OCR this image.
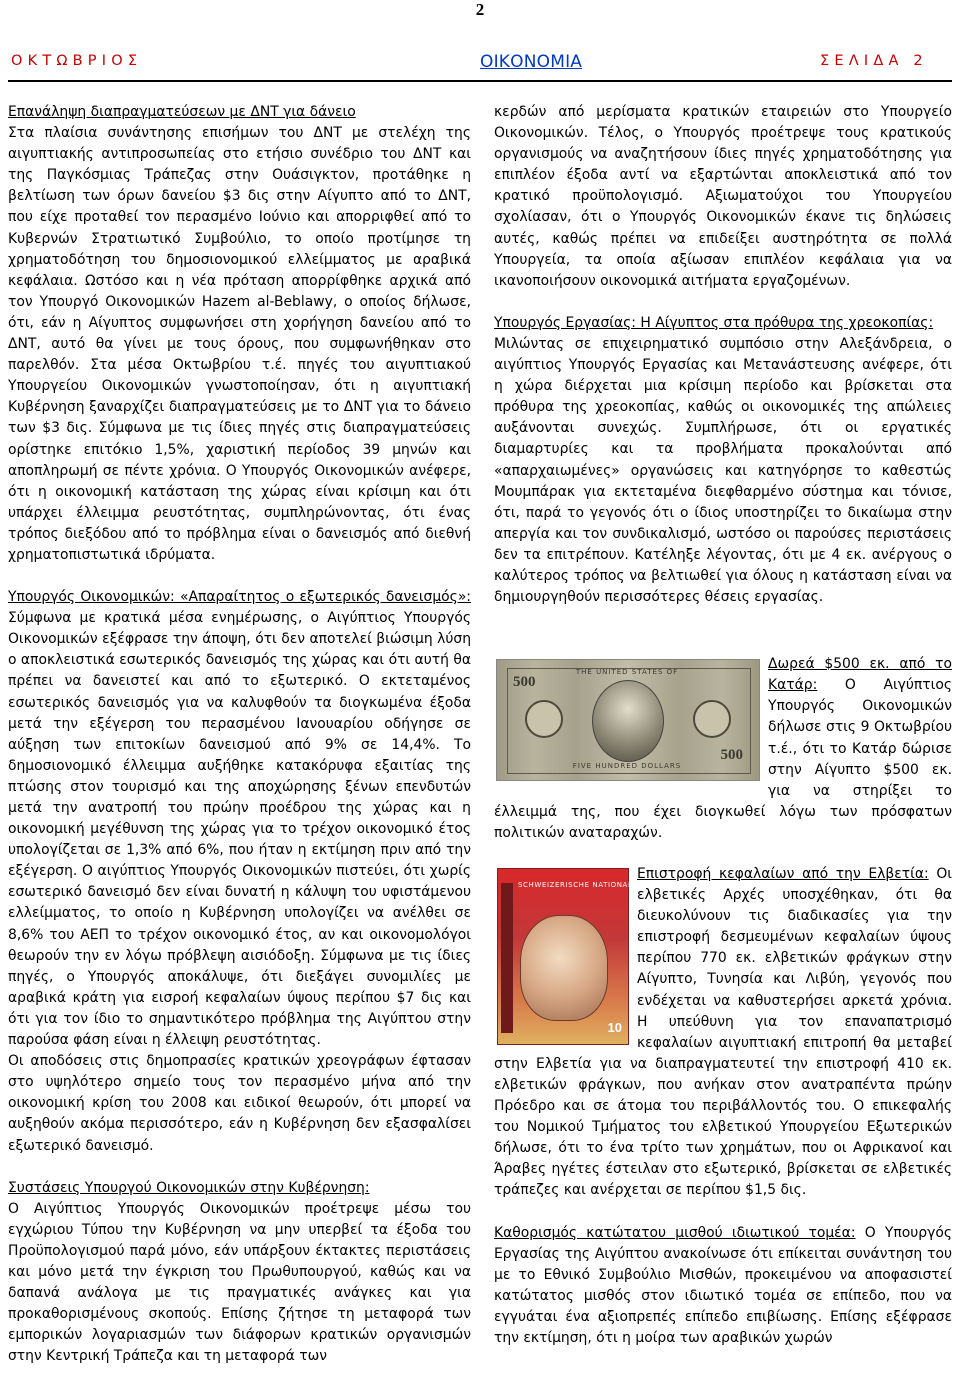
2
ΟΚΤΩΒΡΙΟΣ	ΟΙΚΟΝΟΜΙΑ	ΣΕΛΙΔΑ 2

Επανάληψη διαπραγματεύσεων με ΔΝΤ για δάνειο
Στα πλαίσια συνάντησης επισήμων του ΔΝΤ με στελέχη της αιγυπτιακής αντιπροσωπείας στο ετήσιο συνέδριο του ΔΝΤ και της Παγκόσμιας Τράπεζας στην Ουάσιγκτον, προτάθηκε η βελτίωση των όρων δανείου $3 δις στην Αίγυπτο από το ΔΝΤ, που είχε προταθεί τον περασμένο Ιούνιο και απορριφθεί από το Κυβερνών Στρατιωτικό Συμβούλιο, το οποίο προτίμησε τη χρηματοδότηση του δημοσιονομικού ελλείμματος με αραβικά κεφάλαια. Ωστόσο και η νέα πρόταση απορρίφθηκε αρχικά από τον Υπουργό Οικονομικών Hazem al-Beblawy, ο οποίος δήλωσε, ότι, εάν η Αίγυπτος συμφωνήσει στη χορήγηση δανείου από το ΔΝΤ, αυτό θα γίνει με τους όρους, που συμφωνήθηκαν στο παρελθόν. Στα μέσα Οκτωβρίου τ.έ. πηγές του αιγυπτιακού Υπουργείου Οικονομικών γνωστοποίησαν, ότι η αιγυπτιακή Κυβέρνηση ξαναρχίζει διαπραγματεύσεις με το ΔΝΤ για το δάνειο των $3 δις. Σύμφωνα με τις ίδιες πηγές στις διαπραγματεύσεις ορίστηκε επιτόκιο 1,5%, χαριστική περίοδος 39 μηνών και αποπληρωμή σε πέντε χρόνια. Ο Υπουργός Οικονομικών ανέφερε, ότι η οικονομική κατάσταση της χώρας είναι κρίσιμη και ότι υπάρχει έλλειμμα ρευστότητας, συμπληρώνοντας, ότι ένας τρόπος διεξόδου από το πρόβλημα είναι ο δανεισμός από διεθνή χρηματοπιστωτικά ιδρύματα.

Υπουργός Οικονομικών: «Απαραίτητος ο εξωτερικός δανεισμός»: Σύμφωνα με κρατικά μέσα ενημέρωσης, ο Αιγύπτιος Υπουργός Οικονομικών εξέφρασε την άποψη, ότι δεν αποτελεί βιώσιμη λύση ο αποκλειστικά εσωτερικός δανεισμός της χώρας και ότι αυτή θα πρέπει να δανειστεί και από το εξωτερικό. Ο εκτεταμένος εσωτερικός δανεισμός για να καλυφθούν τα διογκωμένα έξοδα μετά την εξέγερση του περασμένου Ιανουαρίου οδήγησε σε αύξηση των επιτοκίων δανεισμού από 9% σε 14,4%. Το δημοσιονομικό έλλειμμα αυξήθηκε κατακόρυφα εξαιτίας της πτώσης στον τουρισμό και της αποχώρησης ξένων επενδυτών μετά την ανατροπή του πρώην προέδρου της χώρας και η οικονομική μεγέθυνση της χώρας για το τρέχον οικονομικό έτος υπολογίζεται σε 1,3% από 6%, που ήταν η εκτίμηση πριν από την εξέγερση. Ο αιγύπτιος Υπουργός Οικονομικών πιστεύει, ότι χωρίς εσωτερικό δανεισμό δεν είναι δυνατή η κάλυψη του υφιστάμενου ελλείμματος, το οποίο η Κυβέρνηση υπολογίζει να ανέλθει σε 8,6% του ΑΕΠ το τρέχον οικονομικό έτος, αν και οικονομολόγοι θεωρούν την εν λόγω πρόβλεψη αισιόδοξη. Σύμφωνα με τις ίδιες πηγές, ο Υπουργός αποκάλυψε, ότι διεξάγει συνομιλίες με αραβικά κράτη για εισροή κεφαλαίων ύψους περίπου $7 δις και ότι για τον ίδιο το σημαντικότερο πρόβλημα της Αιγύπτου στην παρούσα φάση είναι η έλλειψη ρευστότητας.

Οι αποδόσεις στις δημοπρασίες κρατικών χρεογράφων έφτασαν στο υψηλότερο σημείο τους τον περασμένο μήνα από την οικονομική κρίση του 2008 και ειδικοί θεωρούν, ότι μπορεί να αυξηθούν ακόμα περισσότερο, εάν η Κυβέρνηση δεν εξασφαλίσει εξωτερικό δανεισμό.

Συστάσεις Υπουργού Οικονομικών στην Κυβέρνηση:
Ο Αιγύπτιος Υπουργός Οικονομικών προέτρεψε μέσω του εγχώριου Τύπου την Κυβέρνηση να μην υπερβεί τα έξοδα του Προϋπολογισμού παρά μόνο, εάν υπάρξουν έκτακτες περιστάσεις και μόνο μετά την έγκριση του Πρωθυπουργού, καθώς και να δαπανά ανάλογα με τις πραγματικές ανάγκες και για προκαθορισμένους σκοπούς. Επίσης ζήτησε τη μεταφορά των εμπορικών λογαριασμών των διάφορων κρατικών οργανισμών στην Κεντρική Τράπεζα και τη μεταφορά των

κερδών από μερίσματα κρατικών εταιρειών στο Υπουργείο Οικονομικών. Τέλος, ο Υπουργός προέτρεψε τους κρατικούς οργανισμούς να αναζητήσουν ίδιες πηγές χρηματοδότησης για επιπλέον έξοδα αντί να εξαρτώνται αποκλειστικά από τον κρατικό προϋπολογισμό. Αξιωματούχοι του Υπουργείου σχολίασαν, ότι ο Υπουργός Οικονομικών έκανε τις δηλώσεις αυτές, καθώς πρέπει να επιδείξει αυστηρότητα σε πολλά Υπουργεία, τα οποία αξίωσαν επιπλέον κεφάλαια για να ικανοποιήσουν οικονομικά αιτήματα εργαζομένων.

Υπουργός Εργασίας: Η Αίγυπτος στα πρόθυρα της χρεοκοπίας:
Μιλώντας σε επιχειρηματικό συμπόσιο στην Αλεξάνδρεια, ο αιγύπτιος Υπουργός Εργασίας και Μετανάστευσης ανέφερε, ότι η χώρα διέρχεται μια κρίσιμη περίοδο και βρίσκεται στα πρόθυρα της χρεοκοπίας, καθώς οι οικονομικές της απώλειες αυξάνονται συνεχώς. Συμπλήρωσε, ότι οι εργατικές διαμαρτυρίες και τα προβλήματα προκαλούνται από «απαρχαιωμένες» οργανώσεις και κατηγόρησε το καθεστώς Μουμπάρακ για εκτεταμένα διεφθαρμένο σύστημα και τόνισε, ότι, παρά το γεγονός ότι ο ίδιος υποστηρίζει το δικαίωμα στην απεργία και τον συνδικαλισμό, ωστόσο οι παρούσες περιστάσεις δεν τα επιτρέπουν. Κατέληξε λέγοντας, ότι με 4 εκ. ανέργους ο καλύτερος τρόπος να βελτιωθεί για όλους η κατάσταση είναι να δημιουργηθούν περισσότερες θέσεις εργασίας.

THE UNITED STATES OF
500
500
FIVE HUNDRED DOLLARS

Δωρεά $500 εκ. από το Κατάρ: Ο Αιγύπτιος Υπουργός Οικονομικών δήλωσε στις 9 Οκτωβρίου τ.έ., ότι το Κατάρ δώρισε στην Αίγυπτο $500 εκ. για να στηρίξει το έλλειμμά της, που έχει διογκωθεί λόγω των πρόσφατων πολιτικών αναταραχών.

SCHWEIZERISCHE NATIONALBANK
10

Επιστροφή κεφαλαίων από την Ελβετία: Οι ελβετικές Αρχές υποσχέθηκαν, ότι θα διευκολύνουν τις διαδικασίες για την επιστροφή δεσμευμένων κεφαλαίων ύψους περίπου 770 εκ. ελβετικών φράγκων στην Αίγυπτο, Τυνησία και Λιβύη, γεγονός που ενδέχεται να καθυστερήσει αρκετά χρόνια. Η υπεύθυνη για τον επαναπατρισμό κεφαλαίων αιγυπτιακή επιτροπή θα μεταβεί στην Ελβετία για να διαπραγματευτεί την επιστροφή 410 εκ. ελβετικών φράγκων, που ανήκαν στον ανατραπέντα πρώην Πρόεδρο και σε άτομα του περιβάλλοντός του. Ο επικεφαλής του Νομικού Τμήματος του ελβετικού Υπουργείου Εξωτερικών δήλωσε, ότι το ένα τρίτο των χρημάτων, που οι Αφρικανοί και Άραβες ηγέτες έστειλαν στο εξωτερικό, βρίσκεται σε ελβετικές τράπεζες και ανέρχεται σε περίπου $1,5 δις.

Καθορισμός κατώτατου μισθού ιδιωτικού τομέα: Ο Υπουργός Εργασίας της Αιγύπτου ανακοίνωσε ότι επίκειται συνάντηση του με το Εθνικό Συμβούλιο Μισθών, προκειμένου να αποφασιστεί κατώτατος μισθός στον ιδιωτικό τομέα σε επίπεδο, που να εγγυάται ένα αξιοπρεπές επίπεδο επιβίωσης. Επίσης εξέφρασε την εκτίμηση, ότι η μοίρα των αραβικών χωρών
